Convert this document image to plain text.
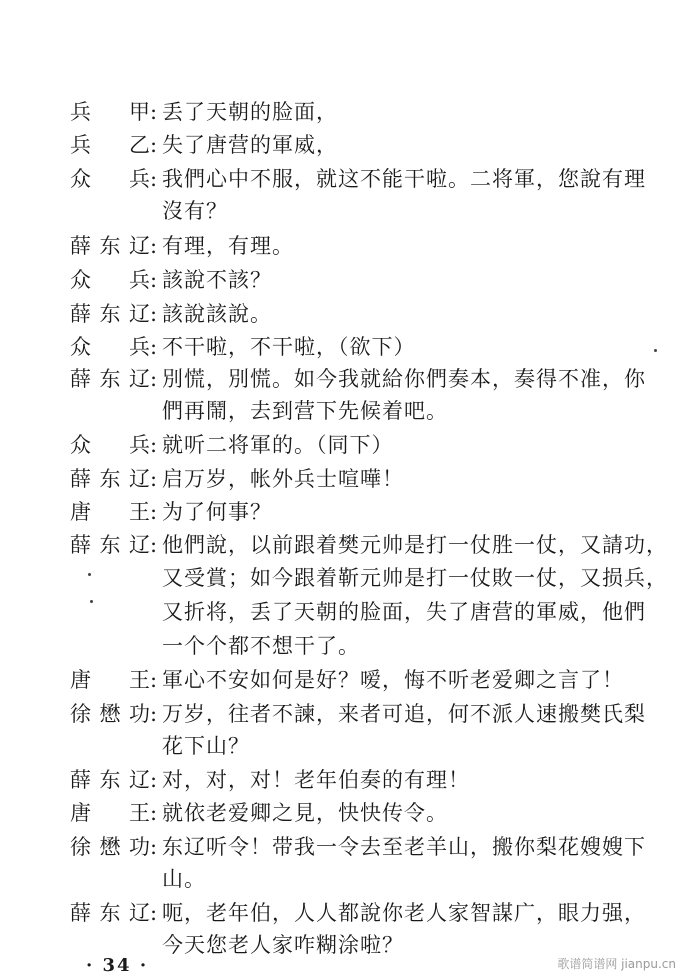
兵 甲 : 丢了天朝的脸面，
兵 乙 : 失了唐营的軍威，
众 兵 : 我們心中不服，就这不能干啦。二将軍，您說有理
沒有？
薛东辽 : 有理，有理。
众 兵 : 該說不該？
薛东辽 : 該說該說。
众 兵 : 不干啦，不干啦，（欲下）
薛东辽 : 別慌，別慌。如今我就給你們奏本，奏得不准，你
們再鬧，去到营下先候着吧。
众 兵 : 就听二将軍的。（同下）
薛东辽 : 启万岁，帐外兵士喧嘩！
唐 王 : 为了何事？
薛东辽 : 他們說，以前跟着樊元帅是打一仗胜一仗，又請功，
又受賞；如今跟着靳元帅是打一仗敗一仗，又损兵，
又折将，丢了天朝的脸面，失了唐营的軍威，他們
一个个都不想干了。
唐 王 : 軍心不安如何是好？嗳，悔不听老爱卿之言了！
徐懋功 : 万岁，往者不諫，来者可追，何不派人速搬樊氏梨
花下山？
薛东辽 : 对，对，对！老年伯奏的有理！
唐 王 : 就依老爱卿之見，快快传令。
徐懋功 : 东辽听令！带我一令去至老羊山，搬你梨花嫂嫂下
山。
薛东辽 : 呃，老年伯，人人都說你老人家智謀广，眼力强，
今天您老人家咋糊涂啦？
· 34 ·	歌谱简谱网 jianpu.cn
